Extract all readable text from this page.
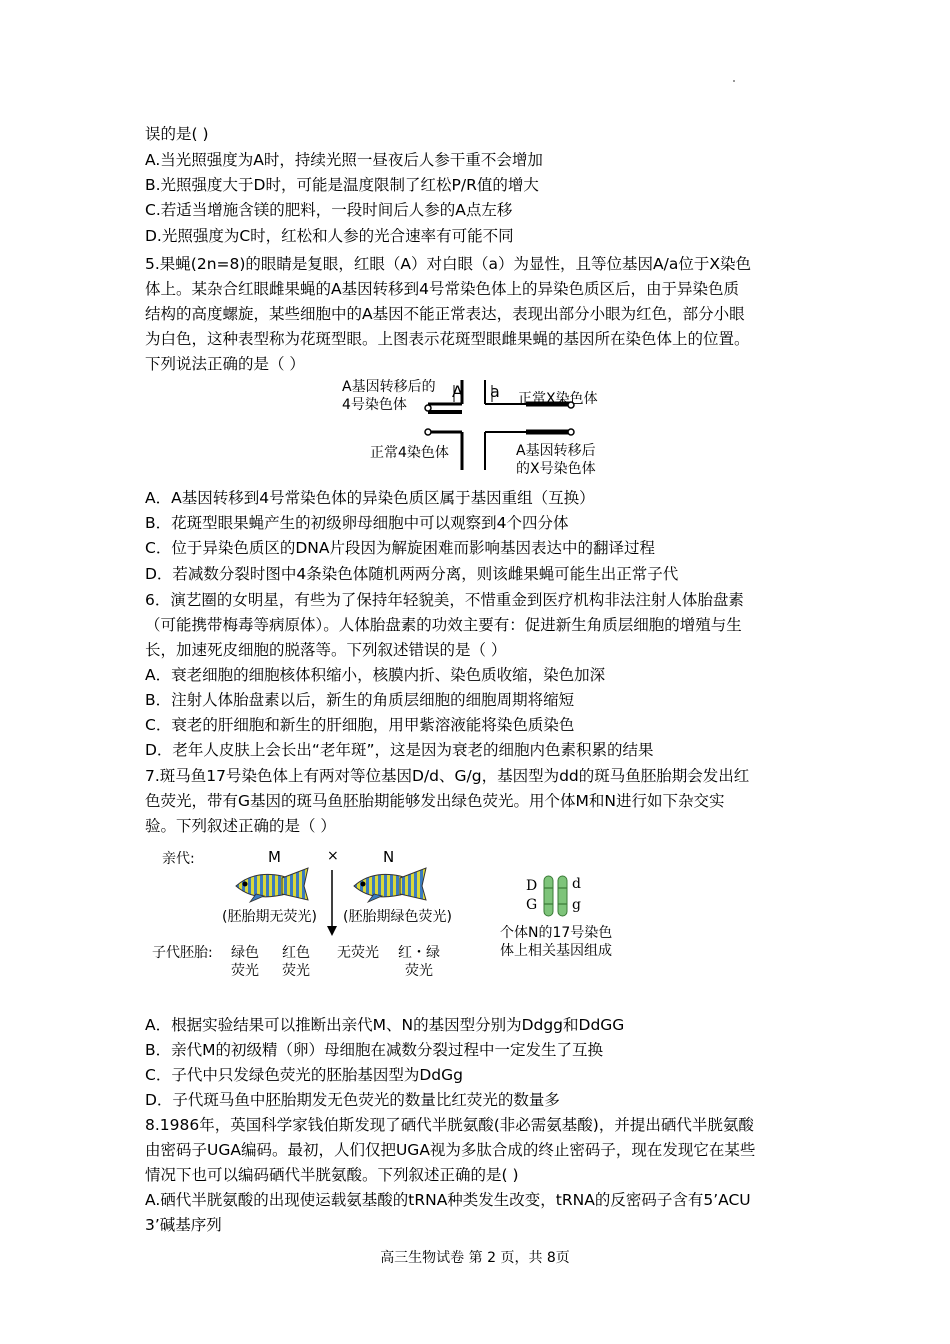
误的是( )
A.当光照强度为A时，持续光照一昼夜后人参干重不会增加
B.光照强度大于D时，可能是温度限制了红松P/R值的增大
C.若适当增施含镁的肥料，一段时间后人参的A点左移
D.光照强度为C时，红松和人参的光合速率有可能不同
5.果蝇(2n=8)的眼睛是复眼，红眼（A）对白眼（a）为显性，且等位基因A/a位于X染色
体上。某杂合红眼雌果蝇的A基因转移到4号常染色体上的异染色质区后，由于异染色质
结构的高度螺旋，某些细胞中的A基因不能正常表达，表现出部分小眼为红色，部分小眼
为白色，这种表型称为花斑型眼。上图表示花斑型眼雌果蝇的基因所在染色体上的位置。
下列说法正确的是（ ）
A．A基因转移到4号常染色体的异染色质区属于基因重组（互换）
B．花斑型眼果蝇产生的初级卵母细胞中可以观察到4个四分体
C．位于异染色质区的DNA片段因为解旋困难而影响基因表达中的翻译过程
D．若减数分裂时图中4条染色体随机两两分离，则该雌果蝇可能生出正常子代
6．演艺圈的女明星，有些为了保持年轻貌美，不惜重金到医疗机构非法注射人体胎盘素
（可能携带梅毒等病原体）。人体胎盘素的功效主要有：促进新生角质层细胞的增殖与生
长，加速死皮细胞的脱落等。下列叙述错误的是（ ）
A．衰老细胞的细胞核体积缩小，核膜内折、染色质收缩，染色加深
B．注射人体胎盘素以后，新生的角质层细胞的细胞周期将缩短
C．衰老的肝细胞和新生的肝细胞，用甲紫溶液能将染色质染色
D．老年人皮肤上会长出“老年斑”，这是因为衰老的细胞内色素积累的结果
7.斑马鱼17号染色体上有两对等位基因D/d、G/g，基因型为dd的斑马鱼胚胎期会发出红
色荧光，带有G基因的斑马鱼胚胎期能够发出绿色荧光。用个体M和N进行如下杂交实
验。下列叙述正确的是（ ）
A．根据实验结果可以推断出亲代M、N的基因型分别为Ddgg和DdGG
B．亲代M的初级精（卵）母细胞在减数分裂过程中一定发生了互换
C．子代中只发绿色荧光的胚胎基因型为DdGg
D．子代斑马鱼中胚胎期发无色荧光的数量比红荧光的数量多
8.1986年，英国科学家钱伯斯发现了硒代半胱氨酸(非必需氨基酸)，并提出硒代半胱氨酸
由密码子UGA编码。最初，人们仅把UGA视为多肽合成的终止密码子，现在发现它在某些
情况下也可以编码硒代半胱氨酸。下列叙述正确的是( )
A.硒代半胱氨酸的出现使运载氨基酸的tRNA种类发生改变，tRNA的反密码子含有5’ACU
3’碱基序列
A基因转移后的
4号染色体
A a 正常X染色体
正常4染色体	A基因转移后
的X号染色体
亲代:	M	×	N
(胚胎期无荧光) (胚胎期绿色荧光)
子代胚胎: 绿色
荧光
红色
荧光
无荧光 红・绿
荧光
D
G
d
g
个体N的17号染色
体上相关基因组成
高三生物试卷 第 2 页，共 8页
